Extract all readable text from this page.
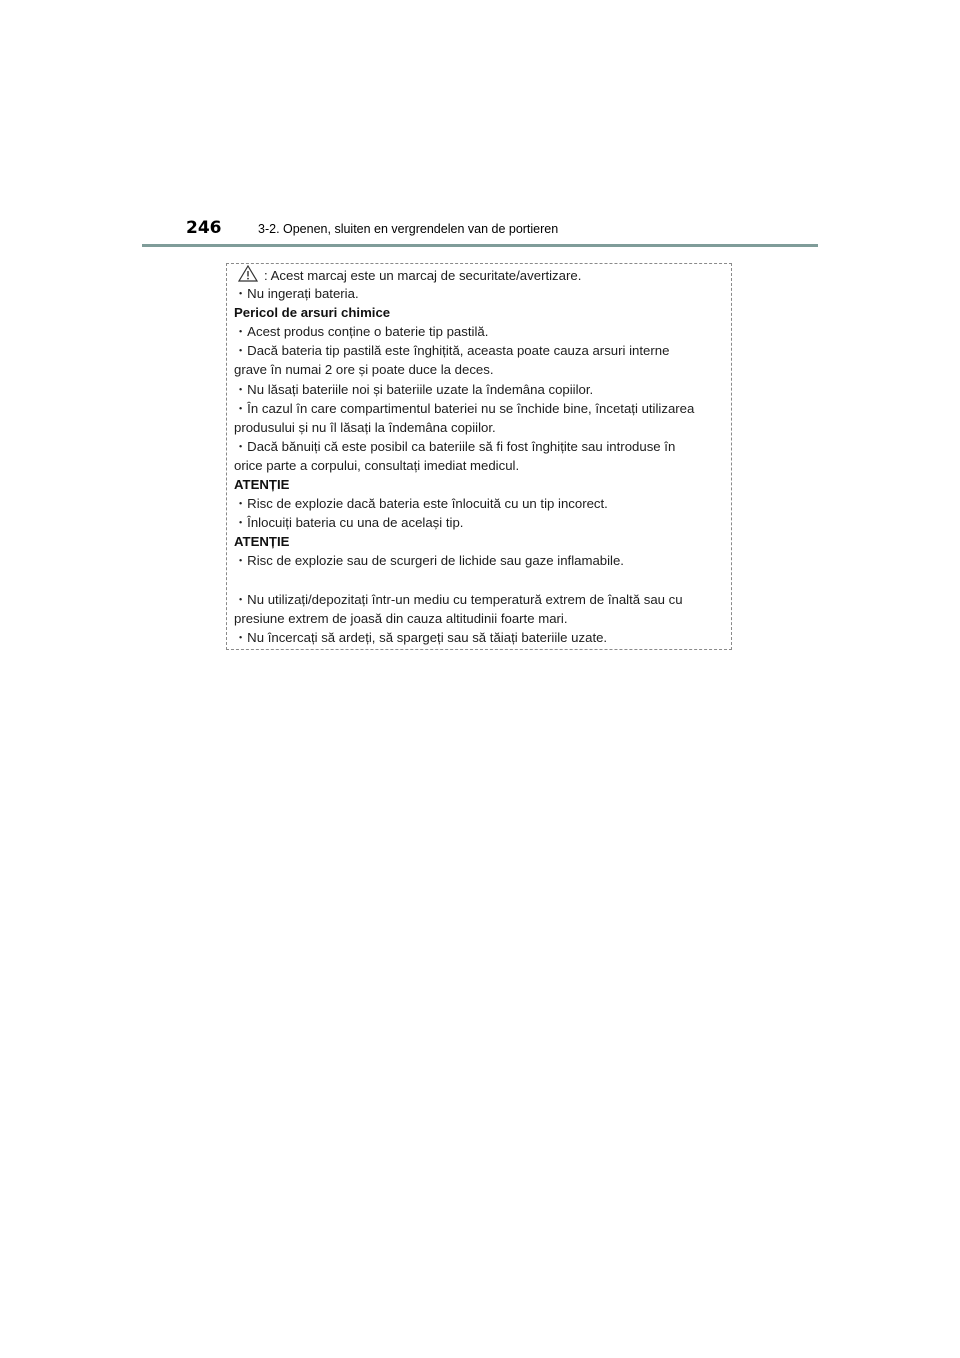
246	3-2. Openen, sluiten en vergrendelen van de portieren
: Acest marcaj este un marcaj de securitate/avertizare.
・Nu ingerați bateria.
Pericol de arsuri chimice
・Acest produs conține o baterie tip pastilă.
・Dacă bateria tip pastilă este înghițită, aceasta poate cauza arsuri interne
grave în numai 2 ore și poate duce la deces.
・Nu lăsați bateriile noi și bateriile uzate la îndemâna copiilor.
・În cazul în care compartimentul bateriei nu se închide bine, încetați utilizarea
produsului și nu îl lăsați la îndemâna copiilor.
・Dacă bănuiți că este posibil ca bateriile să fi fost înghițite sau introduse în
orice parte a corpului, consultați imediat medicul.
ATENȚIE
・Risc de explozie dacă bateria este înlocuită cu un tip incorect.
・Înlocuiți bateria cu una de același tip.
ATENȚIE
・Risc de explozie sau de scurgeri de lichide sau gaze inflamabile.
・Nu utilizați/depozitați într-un mediu cu temperatură extrem de înaltă sau cu
presiune extrem de joasă din cauza altitudinii foarte mari.
・Nu încercați să ardeți, să spargeți sau să tăiați bateriile uzate.
